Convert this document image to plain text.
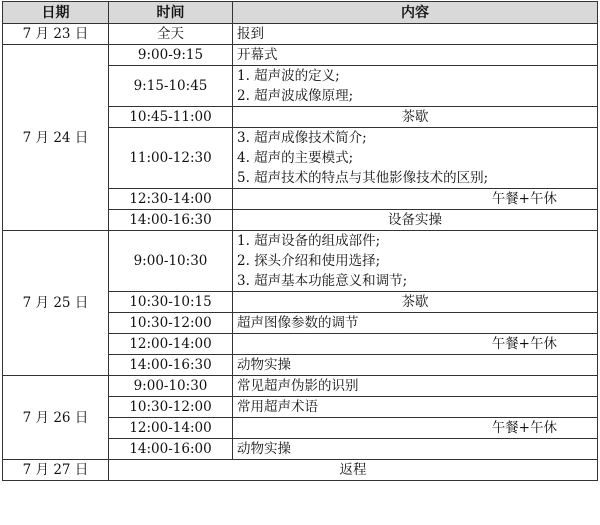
日期	时间	内容
7 月 23 日	全天	报到

7 月 24 日	9:00-9:15	开幕式

	9:15-10:45	1. 超声波的定义;
2. 超声波成像原理;

	10:45-11:00	茶歇

	11:00-12:30	3. 超声成像技术简介;
4. 超声的主要模式;
5. 超声技术的特点与其他影像技术的区别;

	12:30-14:00	午餐+午休

	14:00-16:30	设备实操

7 月 25 日	9:00-10:30	1. 超声设备的组成部件;
2. 探头介绍和使用选择;
3. 超声基本功能意义和调节;

	10:30-10:15	茶歇

	10:30-12:00	超声图像参数的调节

	12:00-14:00	午餐+午休

	14:00-16:30	动物实操

7 月 26 日	9:00-10:30	常见超声伪影的识别

	10:30-12:00	常用超声术语

	12:00-14:00	午餐+午休

	14:00-16:00	动物实操

7 月 27 日	返程	
